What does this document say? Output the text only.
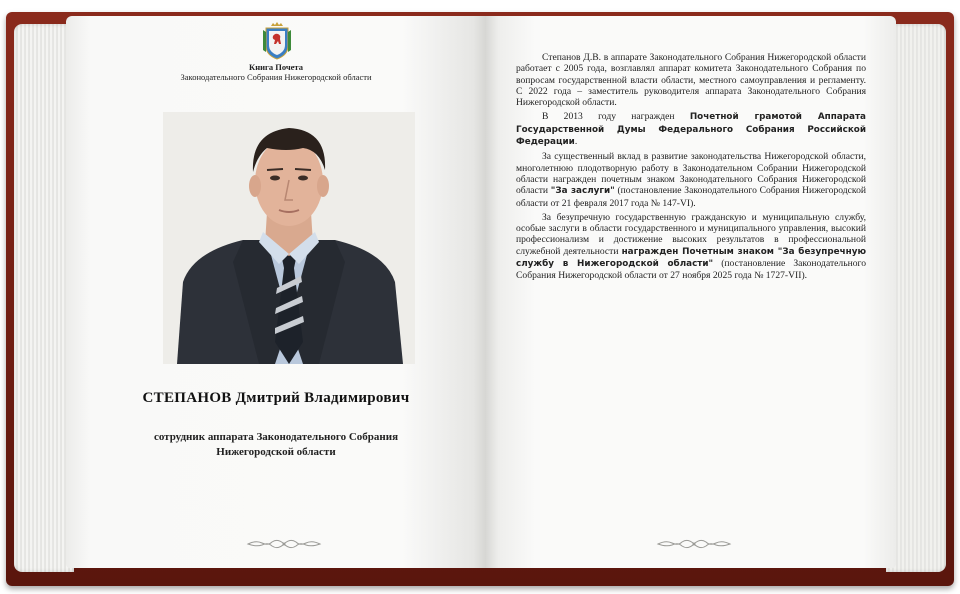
Книга Почета
Законодательного Собрания Нижегородской области
СТЕПАНОВ Дмитрий Владимирович
сотрудник аппарата Законодательного Собрания Нижегородской области

Степанов Д.В. в аппарате Законодательного Собрания Нижегородской области работает с 2005 года, возглавлял аппарат комитета Законодательного Собрания по вопросам государственной власти области, местного самоуправления и регламенту. С 2022 года – заместитель руководителя аппарата Законодательного Собрания Нижегородской области.

В 2013 году награжден Почетной грамотой Аппарата Государственной Думы Федерального Собрания Российской Федерации.

За существенный вклад в развитие законодательства Нижегородской области, многолетнюю плодотворную работу в Законодательном Собрании Нижегородской области награжден почетным знаком Законодательного Собрания Нижегородской области "За заслуги" (постановление Законодательного Собрания Нижегородской области от 21 февраля 2017 года № 147-VI).

За безупречную государственную гражданскую и муниципальную службу, особые заслуги в области государственного и муниципального управления, высокий профессионализм и достижение высоких результатов в профессиональной служебной деятельности награжден Почетным знаком "За безупречную службу в Нижегородской области" (постановление Законодательного Собрания Нижегородской области от 27 ноября 2025 года № 1727-VII).
